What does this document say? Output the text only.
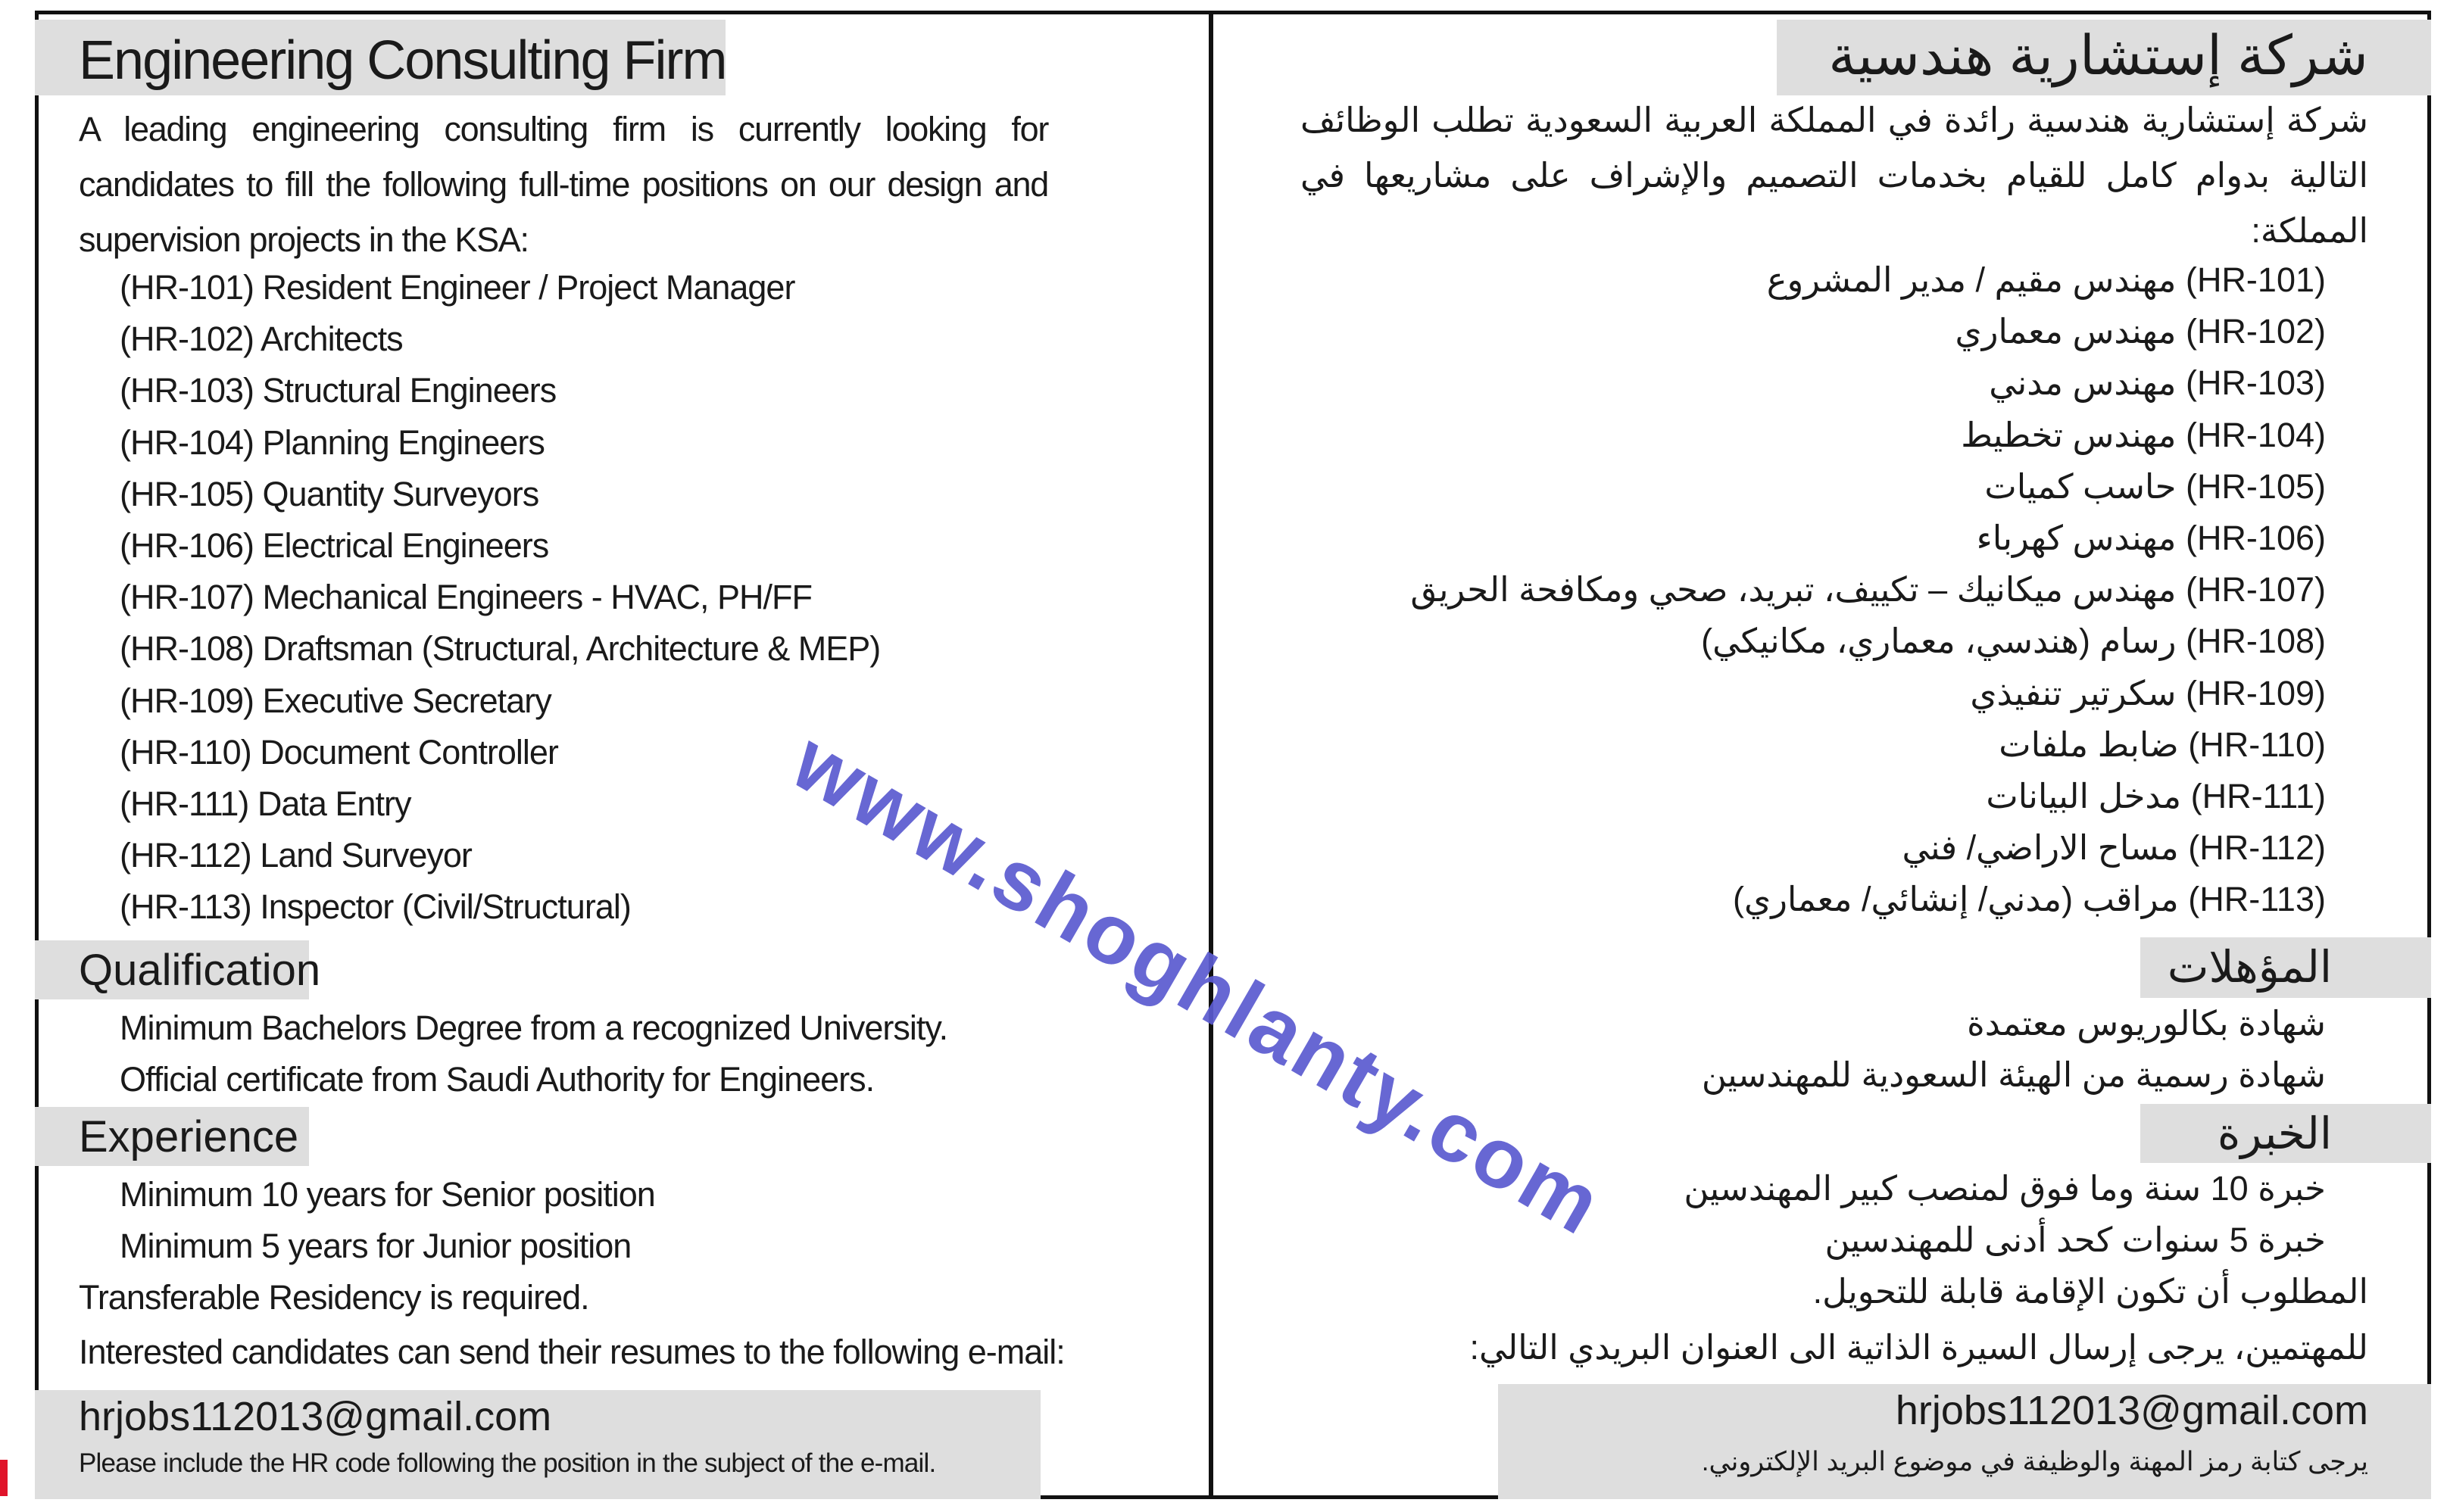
Engineering Consulting Firm

A leading engineering consulting firm is currently looking for candidates to fill the following full-time positions on our design and supervision projects in the KSA:

(HR-101) Resident Engineer / Project Manager
(HR-102) Architects
(HR-103) Structural Engineers
(HR-104) Planning Engineers
(HR-105) Quantity Surveyors
(HR-106) Electrical Engineers
(HR-107) Mechanical Engineers - HVAC, PH/FF
(HR-108) Draftsman (Structural, Architecture & MEP)
(HR-109) Executive Secretary
(HR-110) Document Controller
(HR-111) Data Entry
(HR-112) Land Surveyor
(HR-113) Inspector (Civil/Structural)
Qualification

Minimum Bachelors Degree from a recognized University.

Official certificate from Saudi Authority for Engineers.

Experience

Minimum 10 years for Senior position

Minimum 5 years for Junior position

Transferable Residency is required.

Interested candidates can send their resumes to the following e-mail:

hrjobs112013@gmail.com

Please include the HR code following the position in the subject of the e-mail.

شركة إستشارية هندسية

شركة إستشارية هندسية رائدة في المملكة العربية السعودية تطلب الوظائف التالية بدوام كامل للقيام بخدمات التصميم والإشراف على مشاريعها في المملكة:

(HR-101) مهندس مقيم / مدير المشروع
(HR-102) مهندس معماري
(HR-103) مهندس مدني
(HR-104) مهندس تخطيط
(HR-105) حاسب كميات
(HR-106) مهندس كهرباء
(HR-107) مهندس ميكانيك – تكييف، تبريد، صحي ومكافحة الحريق
(HR-108) رسام (هندسي، معماري، مكانيكي)
(HR-109) سكرتير تنفيذي
(HR-110) ضابط ملفات
(HR-111) مدخل البيانات
(HR-112) مساح الاراضي/ فني
(HR-113) مراقب (مدني/ إنشائي/ معماري)
المؤهلات

شهادة بكالوريوس معتمدة

شهادة رسمية من الهيئة السعودية للمهندسين

الخبرة

خبرة 10 سنة وما فوق لمنصب كبير المهندسين

خبرة 5 سنوات كحد أدنى للمهندسين

المطلوب أن تكون الإقامة قابلة للتحويل.

للمهتمين، يرجى إرسال السيرة الذاتية الى العنوان البريدي التالي:

hrjobs112013@gmail.com

يرجى كتابة رمز المهنة والوظيفة في موضوع البريد الإلكتروني.

www.shoghlanty.com
